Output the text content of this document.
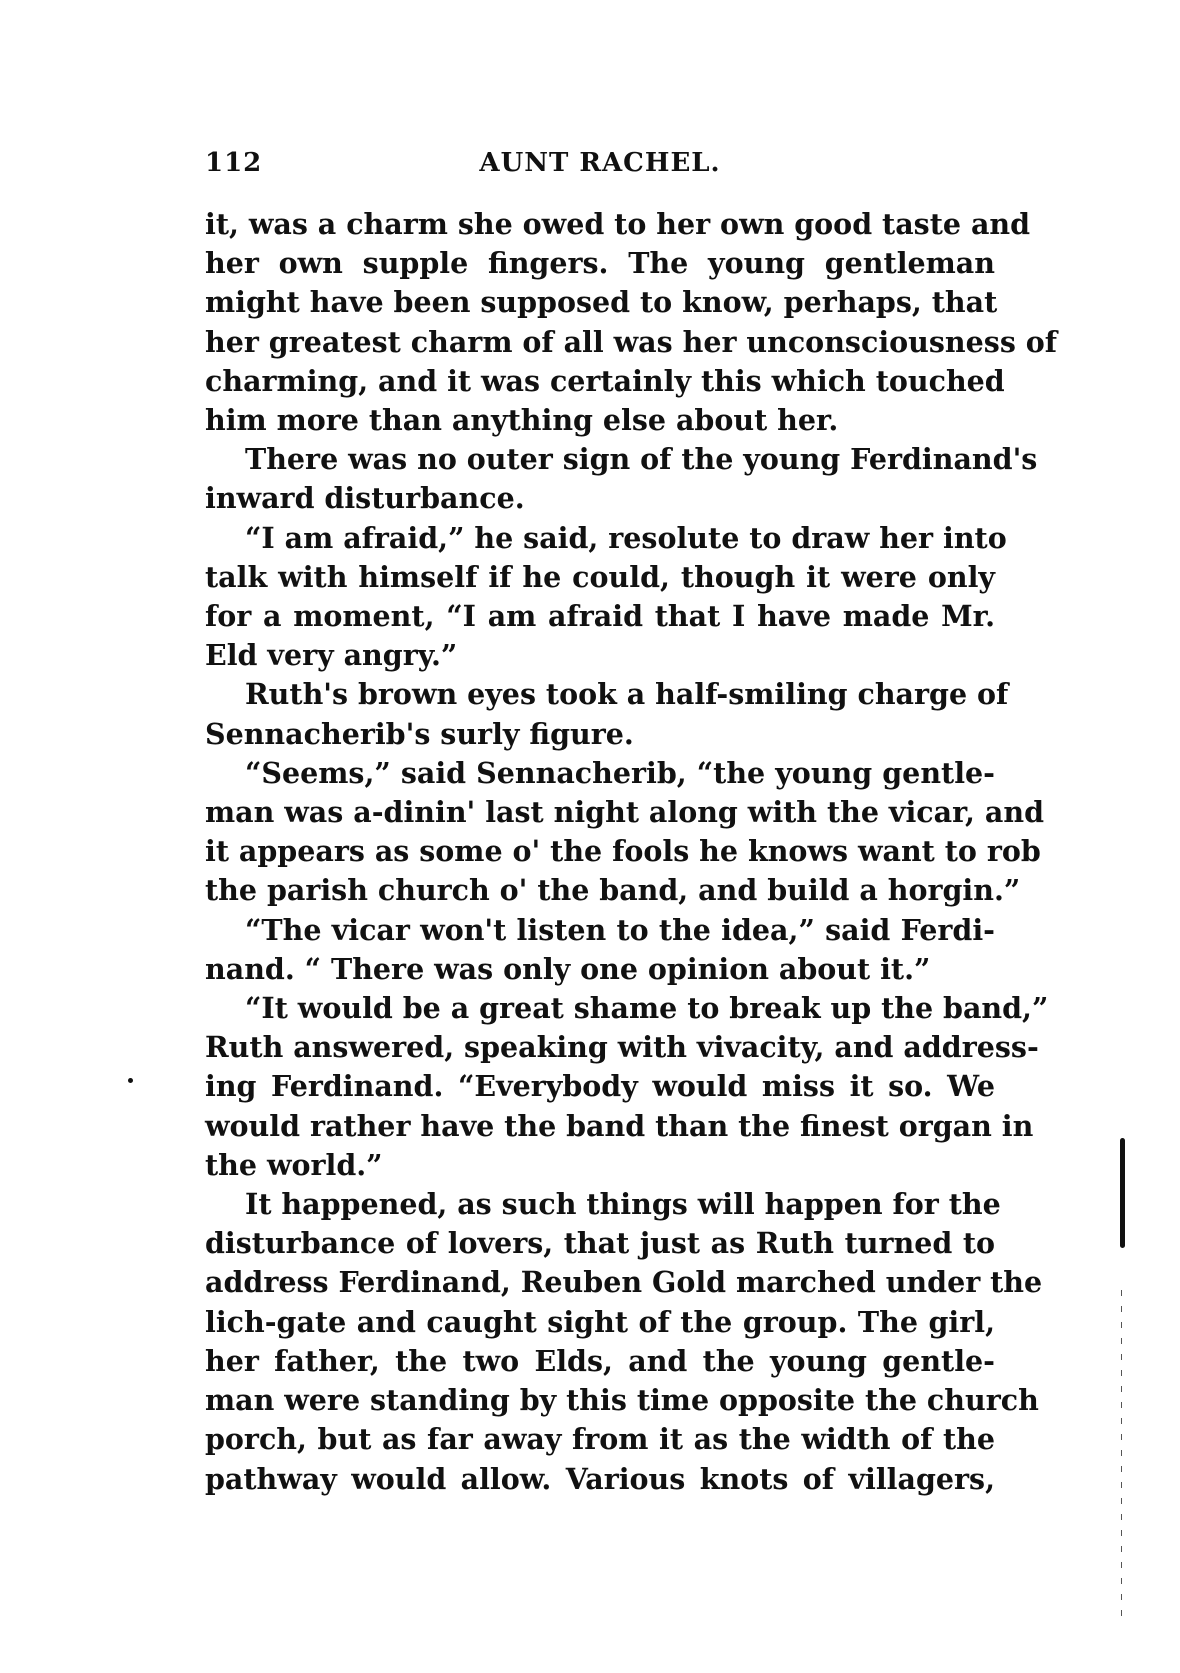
112	AUNT RACHEL.
it, was a charm she owed to her own good taste and
her own supple fingers. The young gentleman
might have been supposed to know, perhaps, that
her greatest charm of all was her unconsciousness of
charming, and it was certainly this which touched
him more than anything else about her.
There was no outer sign of the young Ferdinand's
inward disturbance.
“I am afraid,” he said, resolute to draw her into
talk with himself if he could, though it were only
for a moment, “I am afraid that I have made Mr.
Eld very angry.”
Ruth's brown eyes took a half-smiling charge of
Sennacherib's surly figure.
“Seems,” said Sennacherib, “the young gentle-
man was a-dinin' last night along with the vicar, and
it appears as some o' the fools he knows want to rob
the parish church o' the band, and build a horgin.”
“The vicar won't listen to the idea,” said Ferdi-
nand. “ There was only one opinion about it.”
“It would be a great shame to break up the band,”
Ruth answered, speaking with vivacity, and address-
ing Ferdinand. “Everybody would miss it so. We
would rather have the band than the finest organ in
the world.”
It happened, as such things will happen for the
disturbance of lovers, that just as Ruth turned to
address Ferdinand, Reuben Gold marched under the
lich-gate and caught sight of the group. The girl,
her father, the two Elds, and the young gentle-
man were standing by this time opposite the church
porch, but as far away from it as the width of the
pathway would allow. Various knots of villagers,
